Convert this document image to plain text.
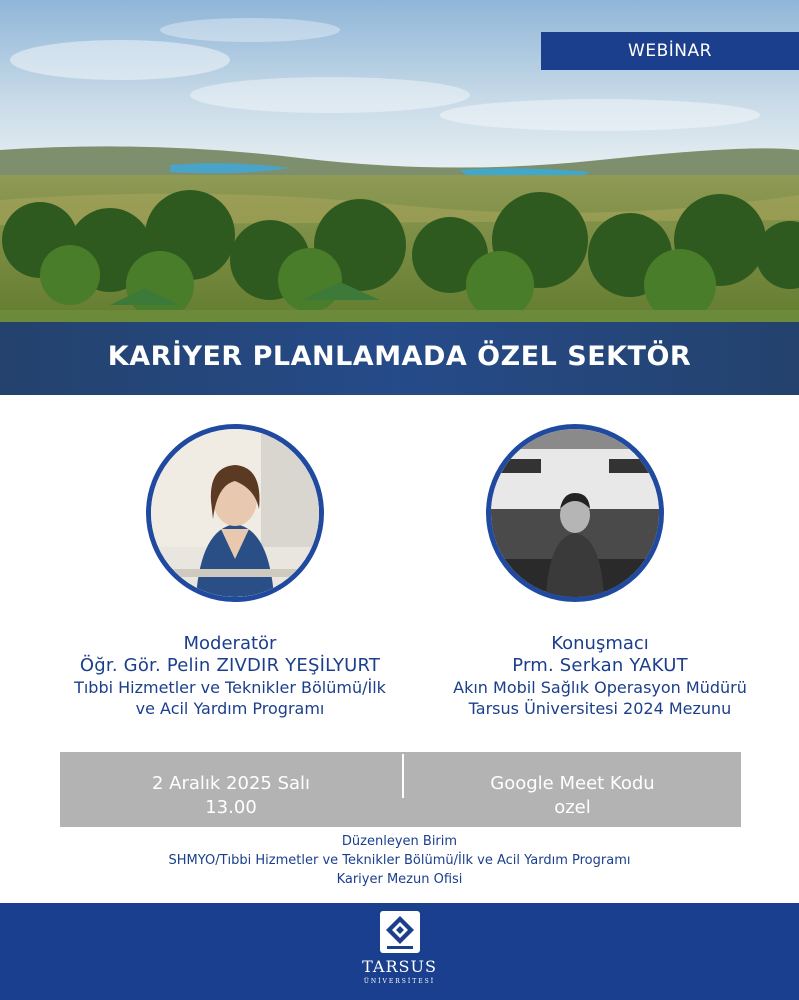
WEBİNAR
KARİYER PLANLAMADA ÖZEL SEKTÖR
Moderatör
Öğr. Gör. Pelin ZIVDIR YEŞİLYURT
Tıbbi Hizmetler ve Teknikler Bölümü/İlk
ve Acil Yardım Programı
Konuşmacı
Prm. Serkan YAKUT
Akın Mobil Sağlık Operasyon Müdürü
Tarsus Üniversitesi 2024 Mezunu
2 Aralık 2025 Salı
13.00
Google Meet Kodu
ozel
Düzenleyen Birim
SHMYO/Tıbbi Hizmetler ve Teknikler Bölümü/İlk ve Acil Yardım Programı
Kariyer Mezun Ofisi
TARSUS
ÜNİVERSİTESİ
